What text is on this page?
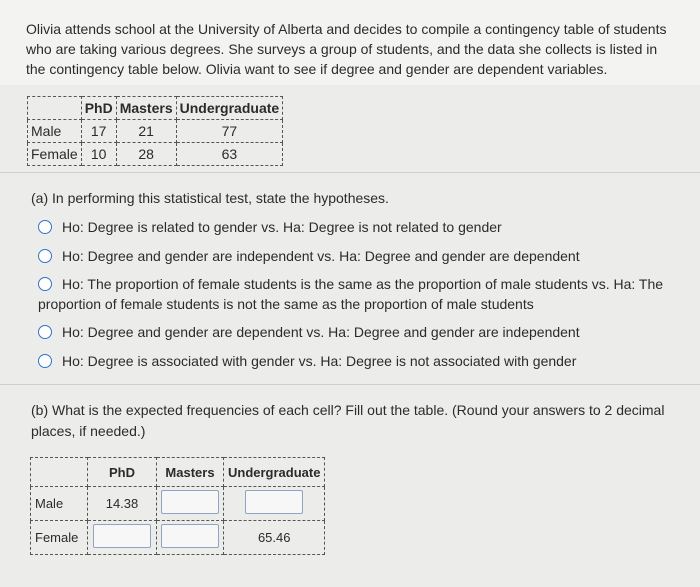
Olivia attends school at the University of Alberta and decides to compile a contingency table of students who are taking various degrees. She surveys a group of students, and the data she collects is listed in the contingency table below. Olivia want to see if degree and gender are dependent variables.
	PhD	Masters	Undergraduate
Male	17	21	77
Female	10	28	63
(a) In performing this statistical test, state the hypotheses.
Ho: Degree is related to gender vs. Ha: Degree is not related to gender
Ho: Degree and gender are independent vs. Ha: Degree and gender are dependent
Ho: The proportion of female students is the same as the proportion of male students vs. Ha: The proportion of female students is not the same as the proportion of male students
Ho: Degree and gender are dependent vs. Ha: Degree and gender are independent
Ho: Degree is associated with gender vs. Ha: Degree is not associated with gender
(b) What is the expected frequencies of each cell? Fill out the table. (Round your answers to 2 decimal places, if needed.)
	PhD	Masters	Undergraduate
Male	14.38		
Female			65.46
